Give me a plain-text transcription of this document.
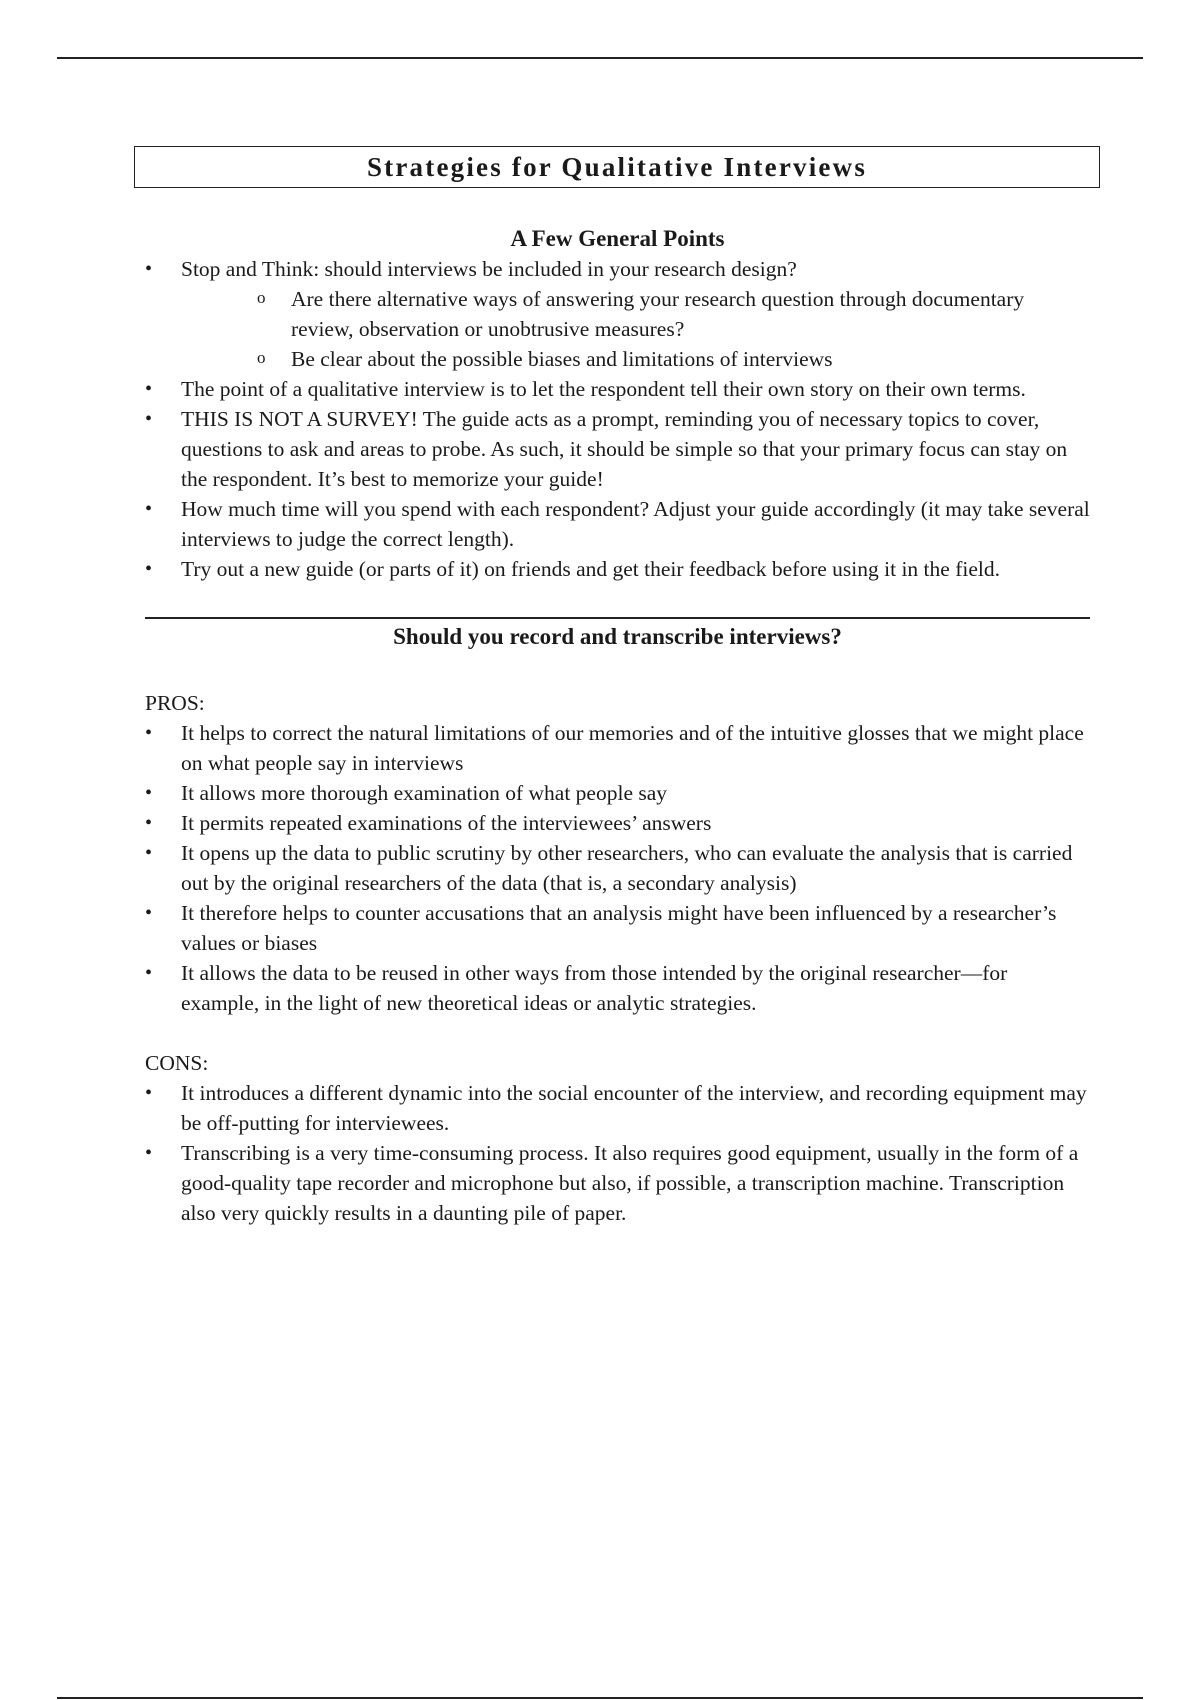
Strategies for Qualitative Interviews
A Few General Points
• Stop and Think: should interviews be included in your research design?
o Are there alternative ways of answering your research question through documentary review, observation or unobtrusive measures?
o Be clear about the possible biases and limitations of interviews
• The point of a qualitative interview is to let the respondent tell their own story on their own terms.
• THIS IS NOT A SURVEY! The guide acts as a prompt, reminding you of necessary topics to cover, questions to ask and areas to probe. As such, it should be simple so that your primary focus can stay on the respondent. It’s best to memorize your guide!
• How much time will you spend with each respondent? Adjust your guide accordingly (it may take several interviews to judge the correct length).
• Try out a new guide (or parts of it) on friends and get their feedback before using it in the field.
Should you record and transcribe interviews?
PROS:
• It helps to correct the natural limitations of our memories and of the intuitive glosses that we might place on what people say in interviews
• It allows more thorough examination of what people say
• It permits repeated examinations of the interviewees’ answers
• It opens up the data to public scrutiny by other researchers, who can evaluate the analysis that is carried out by the original researchers of the data (that is, a secondary analysis)
• It therefore helps to counter accusations that an analysis might have been influenced by a researcher’s values or biases
• It allows the data to be reused in other ways from those intended by the original researcher—for example, in the light of new theoretical ideas or analytic strategies.
CONS:
• It introduces a different dynamic into the social encounter of the interview, and recording equipment may be off-putting for interviewees.
• Transcribing is a very time-consuming process. It also requires good equipment, usually in the form of a good-quality tape recorder and microphone but also, if possible, a transcription machine. Transcription also very quickly results in a daunting pile of paper.
